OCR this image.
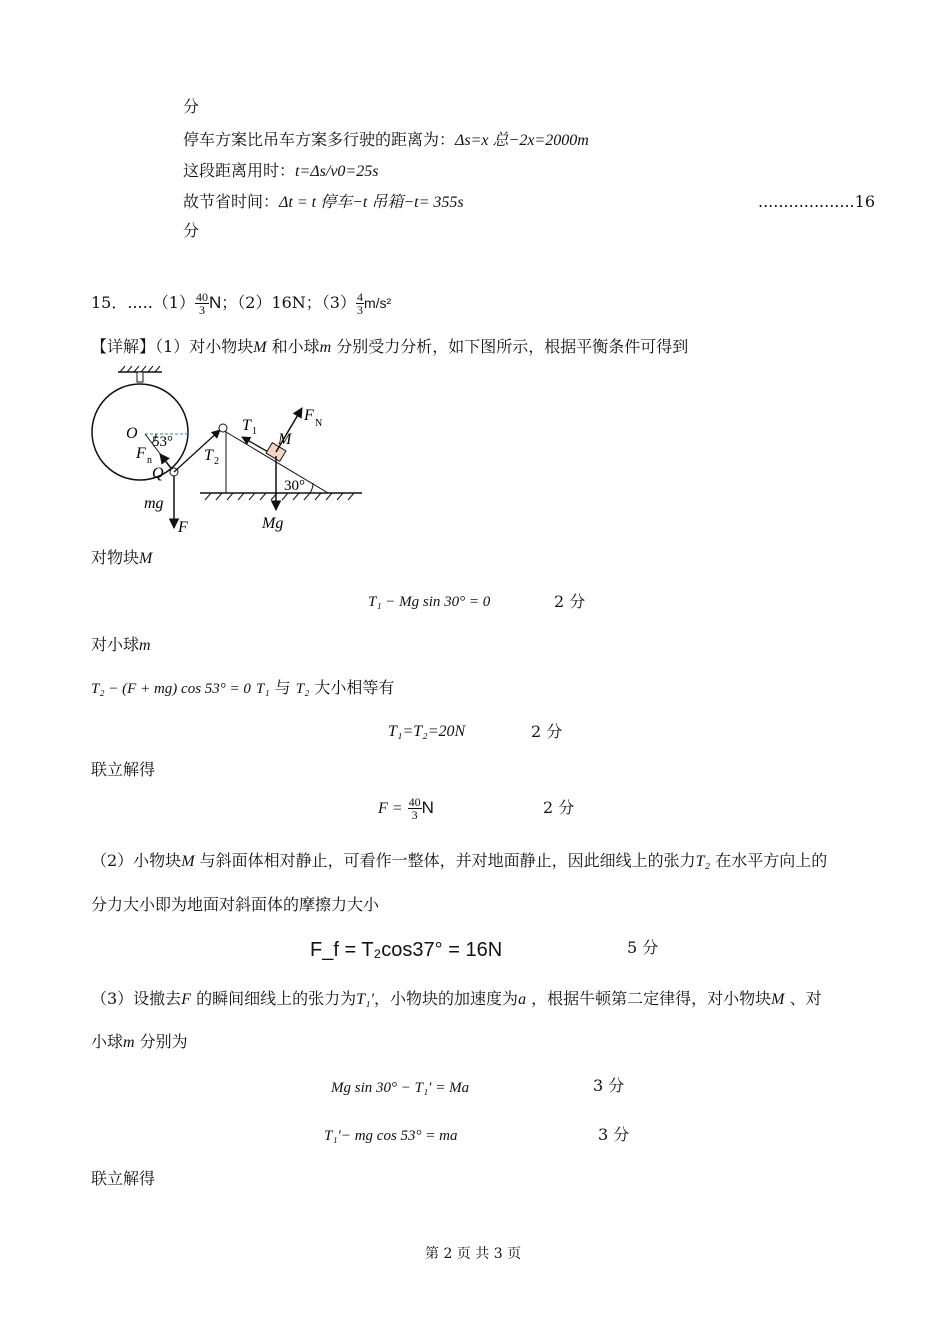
分
停车方案比吊车方案多行驶的距离为：Δs=x 总−2x=2000m
这段距离用时：t=Δs/v0=25s
故节省时间：Δt = t 停车−t 吊箱−t= 355s	...................16
分
15．$.....(1) \frac{40}{3}$ N；（2）16N；$(3) \frac{4}{3} m/s^2$
【详解】（1）对小物块M 和小球m 分别受力分析，如下图所示，根据平衡条件可得到
O 53°
F n
Q
mg
F
T 2
T 1
F N
M
30°
Mg
对物块M
T₁ − Mg sin 30° = 0	2 分
对小球m
T₂ − (F + mg) cos 53° = 0 T₁ 与 T₂ 大小相等有
T₁=T₂=20N	2 分
联立解得
$F = \frac{40}{3}$ N	2 分
（2）小物块M 与斜面体相对静止，可看作一整体，并对地面静止，因此细线上的张力T₂ 在水平方向上的
分力大小即为地面对斜面体的摩擦力大小
F_f = T₂cos37° = 16N	5 分
（3）设撤去F 的瞬间细线上的张力为T₁′，小物块的加速度为a ，根据牛顿第二定律得，对小物块M 、对
小球m 分别为
Mg sin 30° − T₁′ = Ma	3 分
T₁′− mg cos 53° = ma	3 分
联立解得
第 2 页 共 3 页
